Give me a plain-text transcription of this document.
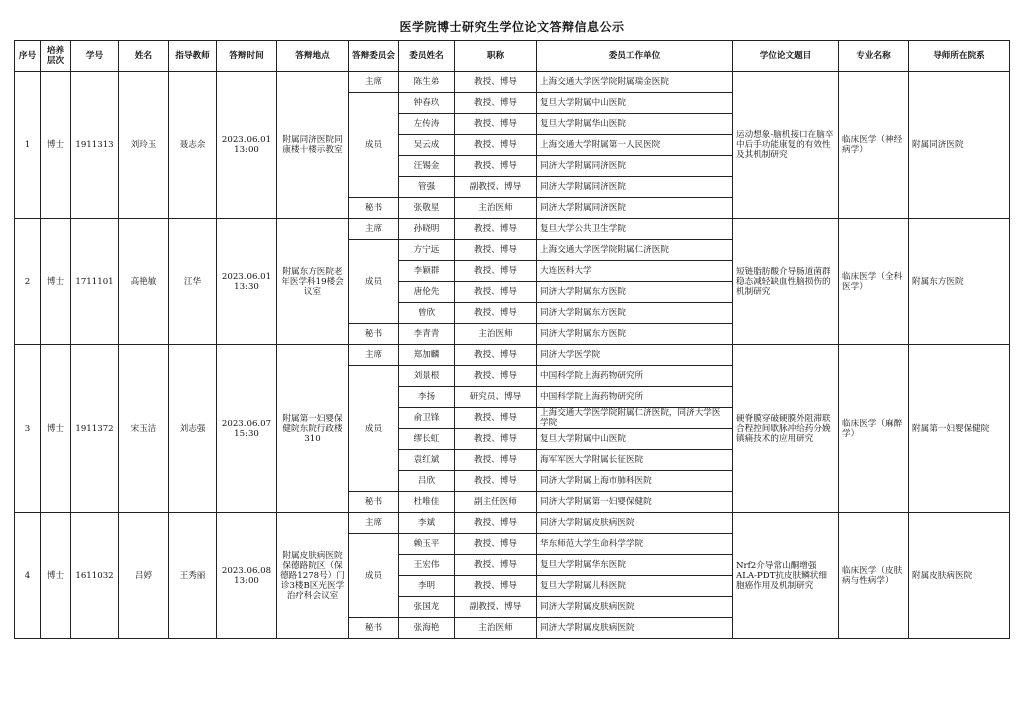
医学院博士研究生学位论文答辩信息公示
序号	培养层次	学号	姓名	指导教师	答辩时间	答辩地点	答辩委员会	委员姓名	职称	委员工作单位	学位论文题目	专业名称	导师所在院系
1	博士	1911313	刘玲玉	聂志余	2023.06.01 13:00	附属同济医院同康楼十楼示教室	主席	陈生弟	教授、博导	上海交通大学医学院附属瑞金医院	运动想象-脑机接口在脑卒中后手功能康复的有效性及其机制研究	临床医学（神经病学）	附属同济医院
							成员	钟春玖	教授、博导	复旦大学附属中山医院			
								左传涛	教授、博导	复旦大学附属华山医院			
								吴云成	教授、博导	上海交通大学附属第一人民医院			
								汪锡金	教授、博导	同济大学附属同济医院			
								管强	副教授、博导	同济大学附属同济医院			
							秘书	张敬星	主治医师	同济大学附属同济医院			
2	博士	1711101	高艳敏	江华	2023.06.01 13:30	附属东方医院老年医学科19楼会议室	主席	孙晓明	教授、博导	复旦大学公共卫生学院	短链脂肪酸介导肠道菌群稳态减轻缺血性脑损伤的机制研究	临床医学（全科医学）	附属东方医院
							成员	方宁远	教授、博导	上海交通大学医学院附属仁济医院			
								李颖群	教授、博导	大连医科大学			
								唐伦先	教授、博导	同济大学附属东方医院			
								曾欣	教授、博导	同济大学附属东方医院			
							秘书	李青青	主治医师	同济大学附属东方医院			
3	博士	1911372	宋玉洁	刘志强	2023.06.07 15:30	附属第一妇婴保健院东院行政楼310	主席	郑加麟	教授、博导	同济大学医学院	硬脊膜穿破硬膜外阻滞联合程控间歇脉冲给药分娩镇痛技术的应用研究	临床医学（麻醉学）	附属第一妇婴保健院
							成员	刘景根	教授、博导	中国科学院上海药物研究所			
								李扬	研究员、博导	中国科学院上海药物研究所			
								俞卫锋	教授、博导	上海交通大学医学院附属仁济医院，同济大学医学院			
								缪长虹	教授、博导	复旦大学附属中山医院			
								袁红斌	教授、博导	海军军医大学附属长征医院			
								吕欣	教授、博导	同济大学附属上海市肺科医院			
							秘书	杜唯佳	副主任医师	同济大学附属第一妇婴保健院			
4	博士	1611032	吕婷	王秀丽	2023.06.08 13:00	附属皮肤病医院保德路院区（保德路1278号）门诊3楼B区光医学治疗科会议室	主席	李斌	教授、博导	同济大学附属皮肤病医院	Nrf2介导常山酮增强ALA-PDT抗皮肤鳞状细胞癌作用及机制研究	临床医学（皮肤病与性病学）	附属皮肤病医院
							成员	赖玉平	教授、博导	华东师范大学生命科学学院			
								王宏伟	教授、博导	复旦大学附属华东医院			
								李明	教授、博导	复旦大学附属儿科医院			
								张国龙	副教授、博导	同济大学附属皮肤病医院			
							秘书	张海艳	主治医师	同济大学附属皮肤病医院			
